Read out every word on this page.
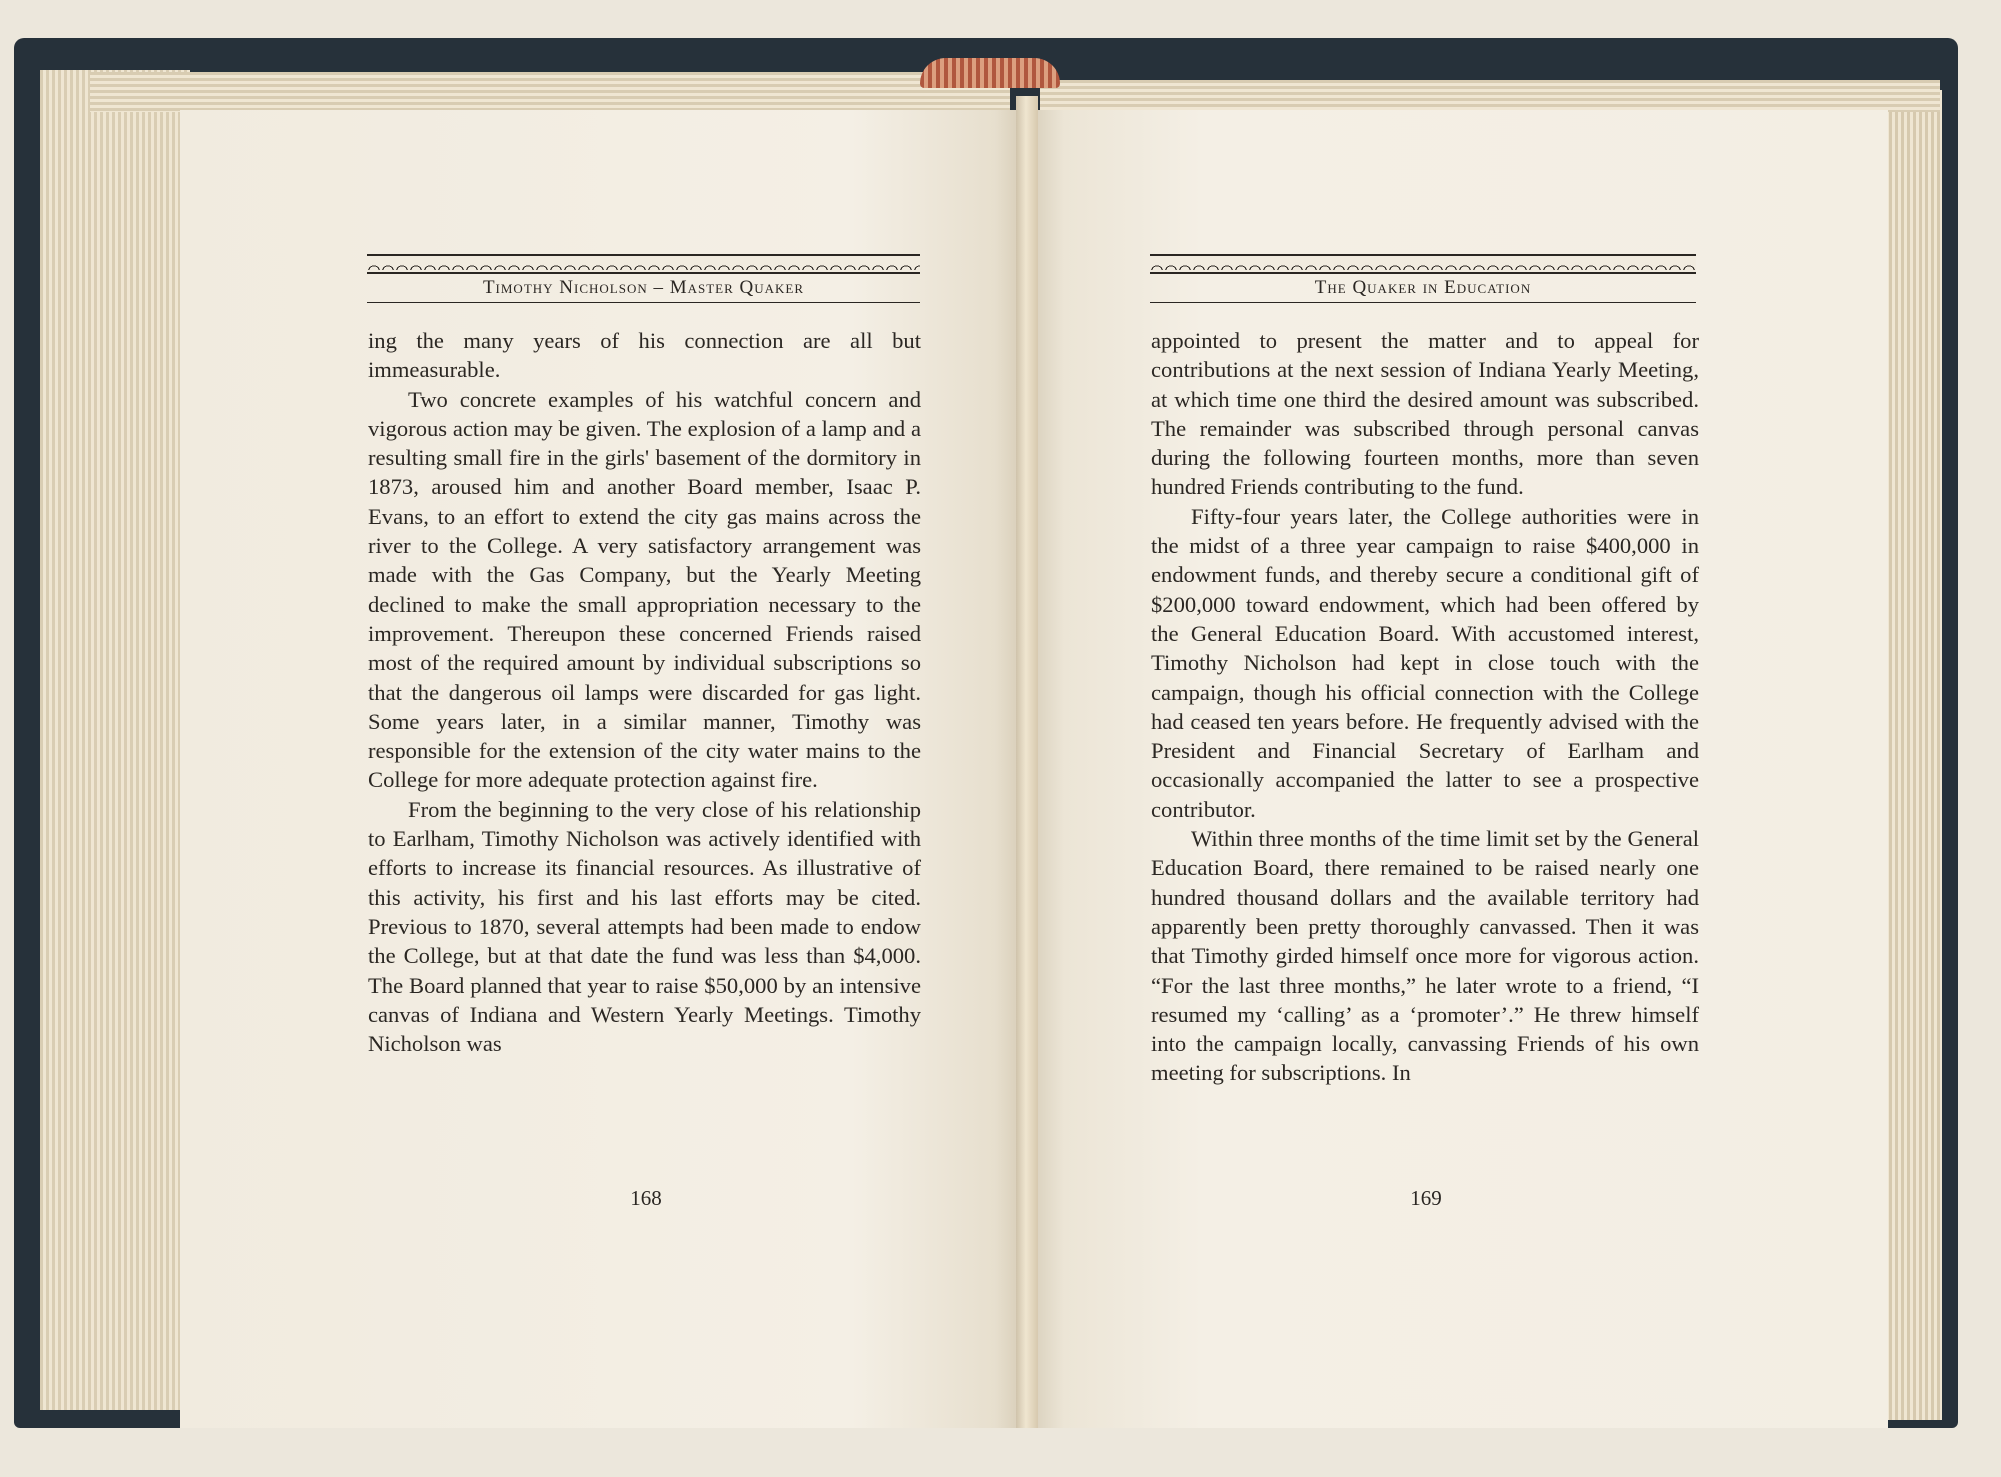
Timothy Nicholson – Master Quaker	The Quaker in Education

ing the many years of his connection are all but immeasurable.

Two concrete examples of his watchful concern and vigorous action may be given. The explosion of a lamp and a resulting small fire in the girls' basement of the dormitory in 1873, aroused him and another Board member, Isaac P. Evans, to an effort to extend the city gas mains across the river to the College. A very satisfactory arrangement was made with the Gas Company, but the Yearly Meeting declined to make the small appropriation necessary to the improvement. Thereupon these concerned Friends raised most of the required amount by individual subscriptions so that the dangerous oil lamps were discarded for gas light. Some years later, in a similar manner, Timothy was responsible for the extension of the city water mains to the College for more adequate protection against fire.

From the beginning to the very close of his relationship to Earlham, Timothy Nicholson was actively identified with efforts to increase its financial resources. As illustrative of this activity, his first and his last efforts may be cited. Previous to 1870, several attempts had been made to endow the College, but at that date the fund was less than $4,000. The Board planned that year to raise $50,000 by an intensive canvas of Indiana and Western Yearly Meetings. Timothy Nicholson was

appointed to present the matter and to appeal for contributions at the next session of Indiana Yearly Meeting, at which time one third the desired amount was subscribed. The remainder was subscribed through personal canvas during the following fourteen months, more than seven hundred Friends contributing to the fund.

Fifty-four years later, the College authorities were in the midst of a three year campaign to raise $400,000 in endowment funds, and thereby secure a conditional gift of $200,000 toward endowment, which had been offered by the General Education Board. With accustomed interest, Timothy Nicholson had kept in close touch with the campaign, though his official connection with the College had ceased ten years before. He frequently advised with the President and Financial Secretary of Earlham and occasionally accompanied the latter to see a prospective contributor.

Within three months of the time limit set by the General Education Board, there remained to be raised nearly one hundred thousand dollars and the available territory had apparently been pretty thoroughly canvassed. Then it was that Timothy girded himself once more for vigorous action. “For the last three months,” he later wrote to a friend, “I resumed my ‘calling’ as a ‘promoter’.” He threw himself into the campaign locally, canvassing Friends of his own meeting for subscriptions. In

168	169
